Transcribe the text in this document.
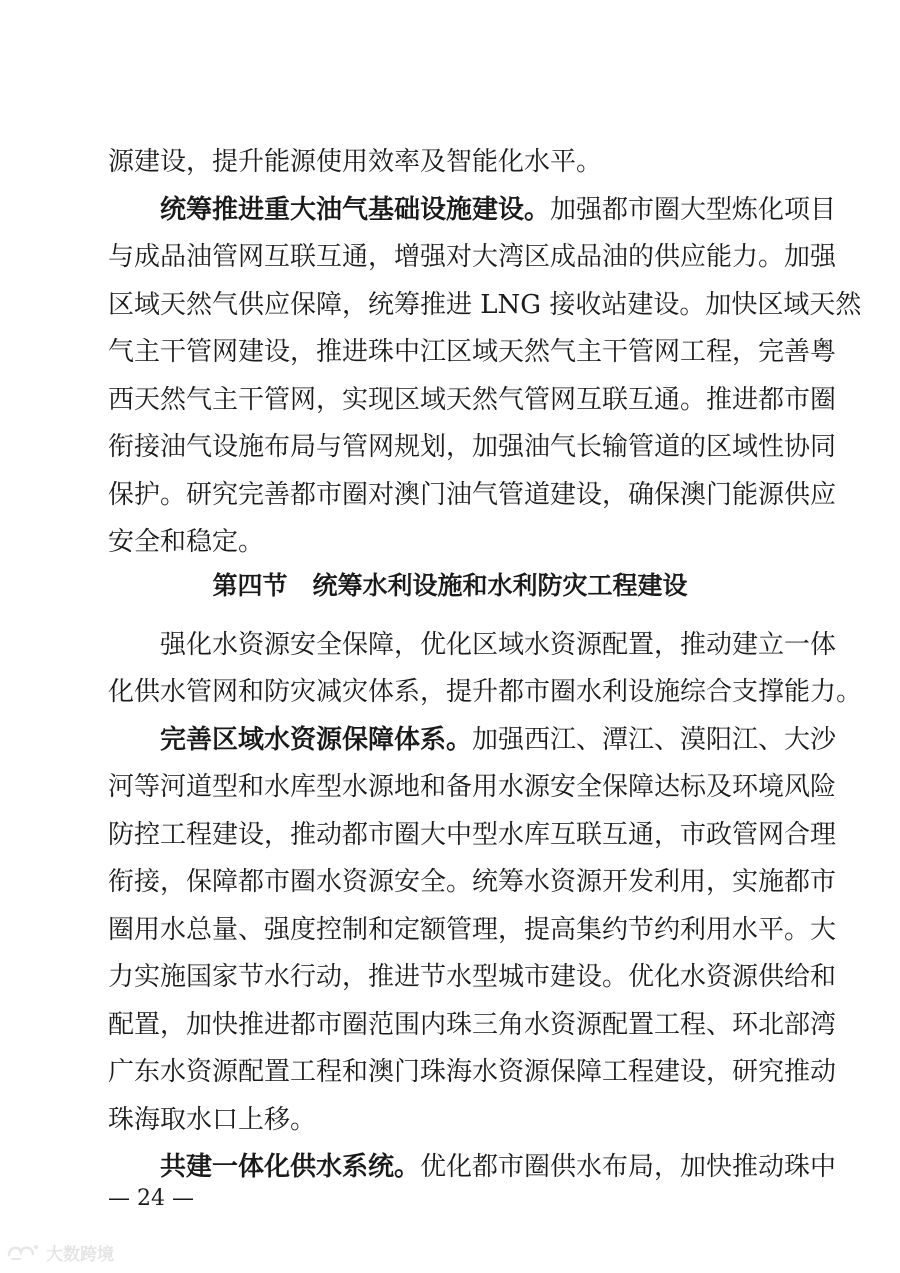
源建设，提升能源使用效率及智能化水平。
统筹推进重大油气基础设施建设。加强都市圈大型炼化项目
与成品油管网互联互通，增强对大湾区成品油的供应能力。加强
区域天然气供应保障，统筹推进 LNG 接收站建设。加快区域天然
气主干管网建设，推进珠中江区域天然气主干管网工程，完善粤
西天然气主干管网，实现区域天然气管网互联互通。推进都市圈
衔接油气设施布局与管网规划，加强油气长输管道的区域性协同
保护。研究完善都市圈对澳门油气管道建设，确保澳门能源供应
安全和稳定。
第四节　统筹水利设施和水利防灾工程建设
强化水资源安全保障，优化区域水资源配置，推动建立一体
化供水管网和防灾减灾体系，提升都市圈水利设施综合支撑能力。
完善区域水资源保障体系。加强西江、潭江、漠阳江、大沙
河等河道型和水库型水源地和备用水源安全保障达标及环境风险
防控工程建设，推动都市圈大中型水库互联互通，市政管网合理
衔接，保障都市圈水资源安全。统筹水资源开发利用，实施都市
圈用水总量、强度控制和定额管理，提高集约节约利用水平。大
力实施国家节水行动，推进节水型城市建设。优化水资源供给和
配置，加快推进都市圈范围内珠三角水资源配置工程、环北部湾
广东水资源配置工程和澳门珠海水资源保障工程建设，研究推动
珠海取水口上移。
共建一体化供水系统。优化都市圈供水布局，加快推动珠中
— 24 —
大数跨境
